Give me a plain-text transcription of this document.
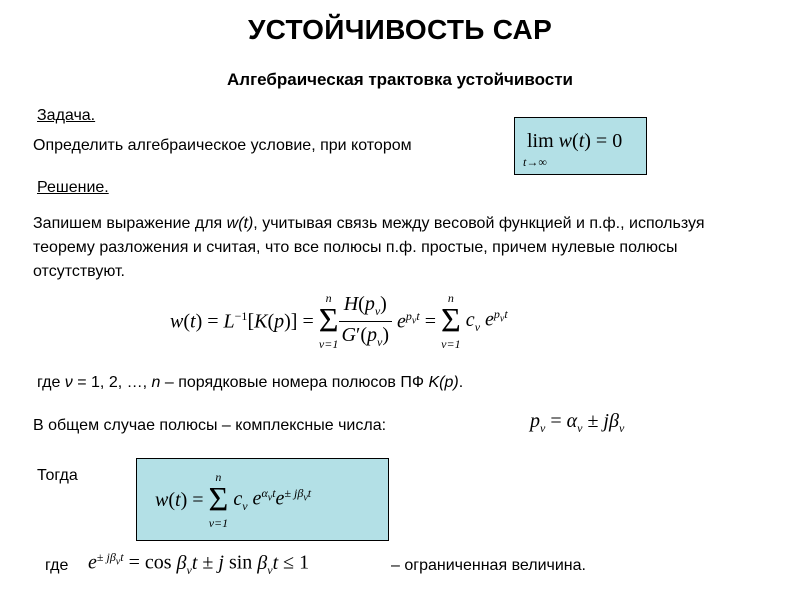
УСТОЙЧИВОСТЬ САР
Алгебраическая трактовка устойчивости
Задача.
Определить алгебраическое условие, при котором	lim w(t) = 0
t→∞
Решение.
Запишем выражение для w(t), учитывая связь между весовой функцией и п.ф., используя теорему разложения и считая, что все полюсы п.ф. простые, причем нулевые полюсы отсутствуют.
$w(t) = L^{-1}[K(p)]$ =
n
Σ
$\nu=1 \frac{H(p_\nu)}{G'(p_\nu)} e^{p_\nu t}$ =
n
Σ
ν=1
$c_\nu$ $e^{p_\nu t}$
где ν = 1, 2, …, n – порядковые номера полюсов ПФ K(p).
В общем случае полюсы – комплексные числа:	$p_\nu = \alpha_\nu \pm j\beta_\nu$
Тогда
w(t) =
n
Σ
ν=1
$c_\nu$ $e^{\alpha_\nu t}e^{\pm j\beta_\nu t}$
где $e^{\pm j\beta_\nu t} = \cos \beta_\nu t \pm j$ $\sin \beta_\nu t \le 1$	– ограниченная величина.
